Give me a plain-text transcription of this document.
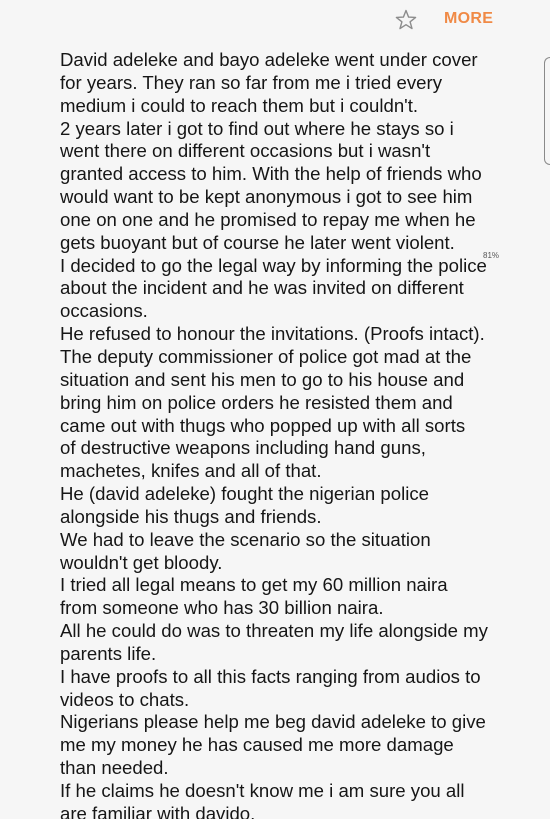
MORE
David adeleke and bayo adeleke went under cover
for years. They ran so far from me i tried every
medium i could to reach them but i couldn't.
2 years later i got to find out where he stays so i
went there on different occasions but i wasn't
granted access to him. With the help of friends who
would want to be kept anonymous i got to see him
one on one and he promised to repay me when he
gets buoyant but of course he later went violent.
I decided to go the legal way by informing the police
about the incident and he was invited on different
occasions.
He refused to honour the invitations. (Proofs intact).
The deputy commissioner of police got mad at the
situation and sent his men to go to his house and
bring him on police orders he resisted them and
came out with thugs who popped up with all sorts
of destructive weapons including hand guns,
machetes, knifes and all of that.
He (david adeleke) fought the nigerian police
alongside his thugs and friends.
We had to leave the scenario so the situation
wouldn't get bloody.
I tried all legal means to get my 60 million naira
from someone who has 30 billion naira.
All he could do was to threaten my life alongside my
parents life.
I have proofs to all this facts ranging from audios to
videos to chats.
Nigerians please help me beg david adeleke to give
me my money he has caused me more damage
than needed.
If he claims he doesn't know me i am sure you all
are familiar with davido.
81%
